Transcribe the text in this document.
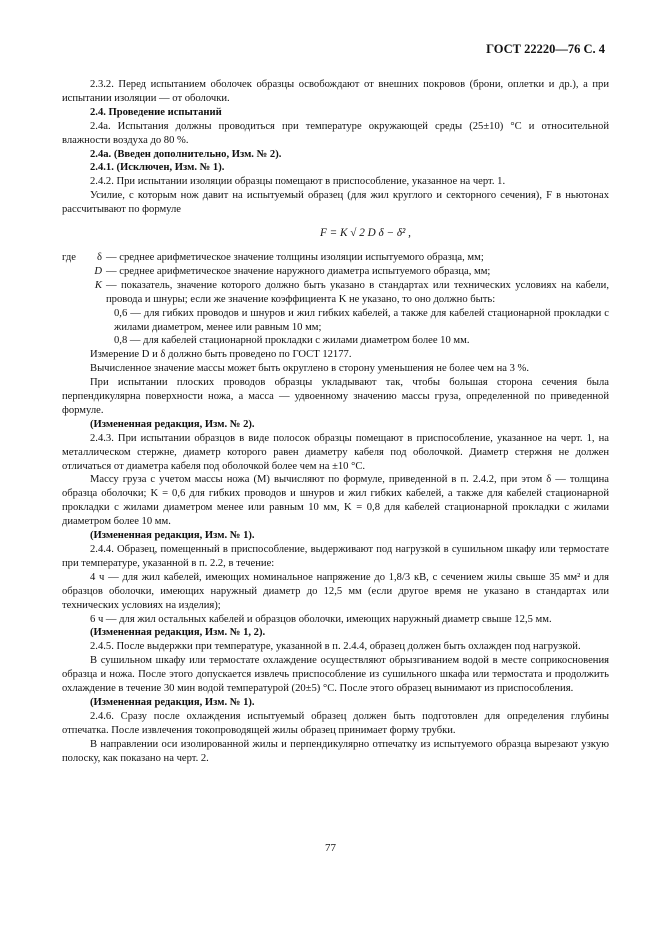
ГОСТ 22220—76 С. 4

2.3.2. Перед испытанием оболочек образцы освобождают от внешних покровов (брони, оплетки и др.), а при испытании изоляции — от оболочки.

2.4. Проведение испытаний

2.4а. Испытания должны проводиться при температуре окружающей среды (25±10) °С и относительной влажности воздуха до 80 %.

2.4а. (Введен дополнительно, Изм. № 2).

2.4.1. (Исключен, Изм. № 1).

2.4.2. При испытании изоляции образцы помещают в приспособление, указанное на черт. 1.

Усилие, с которым нож давит на испытуемый образец (для жил круглого и секторного сечения), F в ньютонах рассчитывают по формуле

F = K √ 2 D δ − δ² ,
где	δ — среднее арифметическое значение толщины изоляции испытуемого образца, мм;
D — среднее арифметическое значение наружного диаметра испытуемого образца, мм;
K — показатель, значение которого должно быть указано в стандартах или технических условиях на кабели, провода и шнуры; если же значение коэффициента K не указано, то оно должно быть:

0,6 — для гибких проводов и шнуров и жил гибких кабелей, а также для кабелей стационарной прокладки с жилами диаметром, менее или равным 10 мм;

0,8 — для кабелей стационарной прокладки с жилами диаметром более 10 мм.

Измерение D и δ должно быть проведено по ГОСТ 12177.

Вычисленное значение массы может быть округлено в сторону уменьшения не более чем на 3 %.

При испытании плоских проводов образцы укладывают так, чтобы большая сторона сечения была перпендикулярна поверхности ножа, а масса — удвоенному значению массы груза, определенной по приведенной формуле.

(Измененная редакция, Изм. № 2).

2.4.3. При испытании образцов в виде полосок образцы помещают в приспособление, указанное на черт. 1, на металлическом стержне, диаметр которого равен диаметру кабеля под оболочкой. Диаметр стержня не должен отличаться от диаметра кабеля под оболочкой более чем на ±10 °С.

Массу груза с учетом массы ножа (M) вычисляют по формуле, приведенной в п. 2.4.2, при этом δ — толщина образца оболочки; K = 0,6 для гибких проводов и шнуров и жил гибких кабелей, а также для кабелей стационарной прокладки с жилами диаметром менее или равным 10 мм, K = 0,8 для кабелей стационарной прокладки с жилами диаметром более 10 мм.

(Измененная редакция, Изм. № 1).

2.4.4. Образец, помещенный в приспособление, выдерживают под нагрузкой в сушильном шкафу или термостате при температуре, указанной в п. 2.2, в течение:

4 ч — для жил кабелей, имеющих номинальное напряжение до 1,8/3 кВ, с сечением жилы свыше 35 мм² и для образцов оболочки, имеющих наружный диаметр до 12,5 мм (если другое время не указано в стандартах или технических условиях на изделия);

6 ч — для жил остальных кабелей и образцов оболочки, имеющих наружный диаметр свыше 12,5 мм.

(Измененная редакция, Изм. № 1, 2).

2.4.5. После выдержки при температуре, указанной в п. 2.4.4, образец должен быть охлажден под нагрузкой.

В сушильном шкафу или термостате охлаждение осуществляют обрызгиванием водой в месте соприкосновения образца и ножа. После этого допускается извлечь приспособление из сушильного шкафа или термостата и продолжить охлаждение в течение 30 мин водой температурой (20±5) °С. После этого образец вынимают из приспособления.

(Измененная редакция, Изм. № 1).

2.4.6. Сразу после охлаждения испытуемый образец должен быть подготовлен для определения глубины отпечатка. После извлечения токопроводящей жилы образец принимает форму трубки.

В направлении оси изолированной жилы и перпендикулярно отпечатку из испытуемого образца вырезают узкую полоску, как показано на черт. 2.

77
